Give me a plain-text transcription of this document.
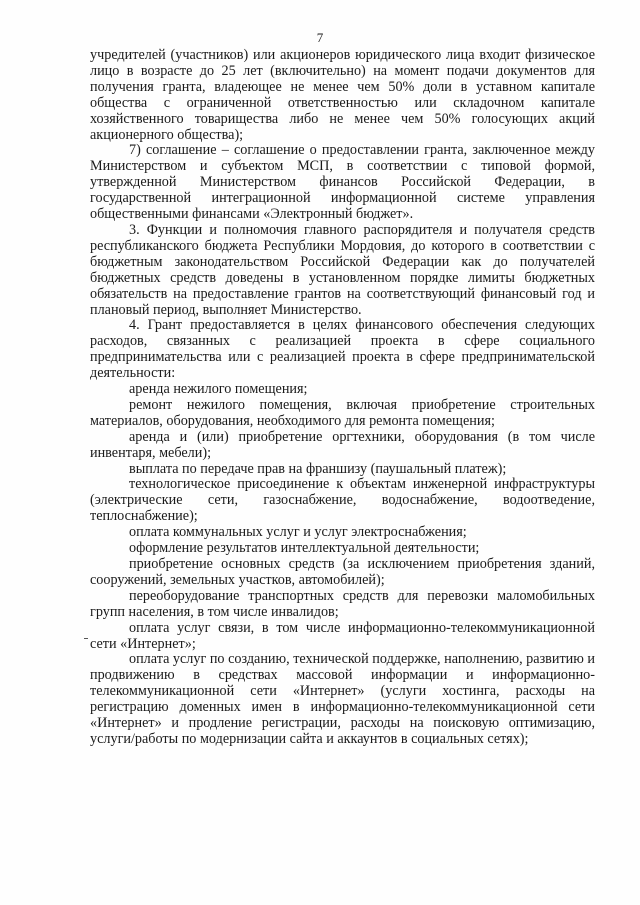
7

учредителей (участников) или акционеров юридического лица входит физическое лицо в возрасте до 25 лет (включительно) на момент подачи документов для получения гранта, владеющее не менее чем 50% доли в уставном капитале общества с ограниченной ответственностью или складочном капитале хозяйственного товарищества либо не менее чем 50% голосующих акций акционерного общества);

7) соглашение – соглашение о предоставлении гранта, заключенное между Министерством и субъектом МСП, в соответствии с типовой формой, утвержденной Министерством финансов Российской Федерации, в государственной интеграционной информационной системе управления общественными финансами «Электронный бюджет».

3. Функции и полномочия главного распорядителя и получателя средств республиканского бюджета Республики Мордовия, до которого в соответствии с бюджетным законодательством Российской Федерации как до получателей бюджетных средств доведены в установленном порядке лимиты бюджетных обязательств на предоставление грантов на соответствующий финансовый год и плановый период, выполняет Министерство.

4. Грант предоставляется в целях финансового обеспечения следующих расходов, связанных с реализацией проекта в сфере социального предпринимательства или с реализацией проекта в сфере предпринимательской деятельности:

аренда нежилого помещения;

ремонт нежилого помещения, включая приобретение строительных материалов, оборудования, необходимого для ремонта помещения;

аренда и (или) приобретение оргтехники, оборудования (в том числе инвентаря, мебели);

выплата по передаче прав на франшизу (паушальный платеж);

технологическое присоединение к объектам инженерной инфраструктуры (электрические сети, газоснабжение, водоснабжение, водоотведение, теплоснабжение);

оплата коммунальных услуг и услуг электроснабжения;

оформление результатов интеллектуальной деятельности;

приобретение основных средств (за исключением приобретения зданий, сооружений, земельных участков, автомобилей);

переоборудование транспортных средств для перевозки маломобильных групп населения, в том числе инвалидов;

оплата услуг связи, в том числе информационно-телекоммуникационной сети «Интернет»;

оплата услуг по созданию, технической поддержке, наполнению, развитию и продвижению в средствах массовой информации и информационно-телекоммуникационной сети «Интернет» (услуги хостинга, расходы на регистрацию доменных имен в информационно-телекоммуникационной сети «Интернет» и продление регистрации, расходы на поисковую оптимизацию, услуги/работы по модернизации сайта и аккаунтов в социальных сетях);
